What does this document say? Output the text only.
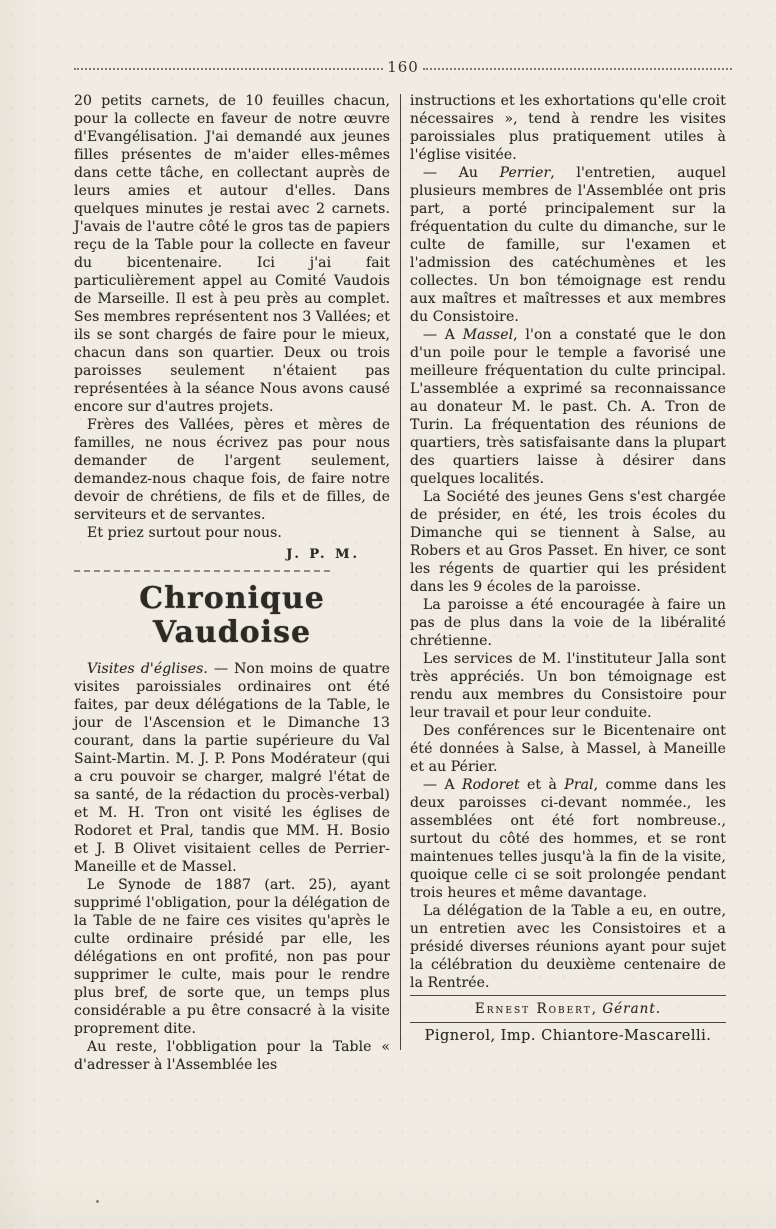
160

20 petits carnets, de 10 feuilles chacun, pour la collecte en faveur de notre œuvre d'Evangélisation. J'ai demandé aux jeunes filles présentes de m'aider elles-mêmes dans cette tâche, en collectant auprès de leurs amies et autour d'elles. Dans quelques minutes je restai avec 2 carnets. J'avais de l'autre côté le gros tas de papiers reçu de la Table pour la collecte en faveur du bicentenaire. Ici j'ai fait particulièrement appel au Comité Vaudois de Marseille. Il est à peu près au complet. Ses membres représentent nos 3 Vallées; et ils se sont chargés de faire pour le mieux, chacun dans son quartier. Deux ou trois paroisses seulement n'étaient pas représentées à la séance Nous avons causé encore sur d'autres projets.

Frères des Vallées, pères et mères de familles, ne nous écrivez pas pour nous demander de l'argent seulement, demandez-nous chaque fois, de faire notre devoir de chrétiens, de fils et de filles, de serviteurs et de servantes.

Et priez surtout pour nous.

J. P. M.
Chronique Vaudoise

Visites d'églises. — Non moins de quatre visites paroissiales ordinaires ont été faites, par deux délégations de la Table, le jour de l'Ascension et le Dimanche 13 courant, dans la partie supérieure du Val Saint-Martin. M. J. P. Pons Modérateur (qui a cru pouvoir se charger, malgré l'état de sa santé, de la rédaction du procès-verbal) et M. H. Tron ont visité les églises de Rodoret et Pral, tandis que MM. H. Bosio et J. B Olivet visitaient celles de Perrier-Maneille et de Massel.

Le Synode de 1887 (art. 25), ayant supprimé l'obligation, pour la délégation de la Table de ne faire ces visites qu'après le culte ordinaire présidé par elle, les délégations en ont profité, non pas pour supprimer le culte, mais pour le rendre plus bref, de sorte que, un temps plus considérable a pu être consacré à la visite proprement dite.

Au reste, l'obbligation pour la Table « d'adresser à l'Assemblée les

instructions et les exhortations qu'elle croit nécessaires », tend à rendre les visites paroissiales plus pratiquement utiles à l'église visitée.

— Au Perrier, l'entretien, auquel plusieurs membres de l'Assemblée ont pris part, a porté principalement sur la fréquentation du culte du dimanche, sur le culte de famille, sur l'examen et l'admission des catéchumènes et les collectes. Un bon témoignage est rendu aux maîtres et maîtresses et aux membres du Consistoire.

— A Massel, l'on a constaté que le don d'un poile pour le temple a favorisé une meilleure fréquentation du culte principal. L'assemblée a exprimé sa reconnaissance au donateur M. le past. Ch. A. Tron de Turin. La fréquentation des réunions de quartiers, très satisfaisante dans la plupart des quartiers laisse à désirer dans quelques localités.

La Société des jeunes Gens s'est chargée de présider, en été, les trois écoles du Dimanche qui se tiennent à Salse, au Robers et au Gros Passet. En hiver, ce sont les régents de quartier qui les président dans les 9 écoles de la paroisse.

La paroisse a été encouragée à faire un pas de plus dans la voie de la libéralité chrétienne.

Les services de M. l'instituteur Jalla sont très appréciés. Un bon témoignage est rendu aux membres du Consistoire pour leur travail et pour leur conduite.

Des conférences sur le Bicentenaire ont été données à Salse, à Massel, à Maneille et au Périer.

— A Rodoret et à Pral, comme dans les deux paroisses ci-devant nommée., les assemblées ont été fort nombreuse., surtout du côté des hommes, et se ront maintenues telles jusqu'à la fin de la visite, quoique celle ci se soit prolongée pendant trois heures et même davantage.

La délégation de la Table a eu, en outre, un entretien avec les Consistoires et a présidé diverses réunions ayant pour sujet la célébration du deuxième centenaire de la Rentrée.

Ernest Robert, Gérant.
Pignerol, Imp. Chiantore-Mascarelli.
